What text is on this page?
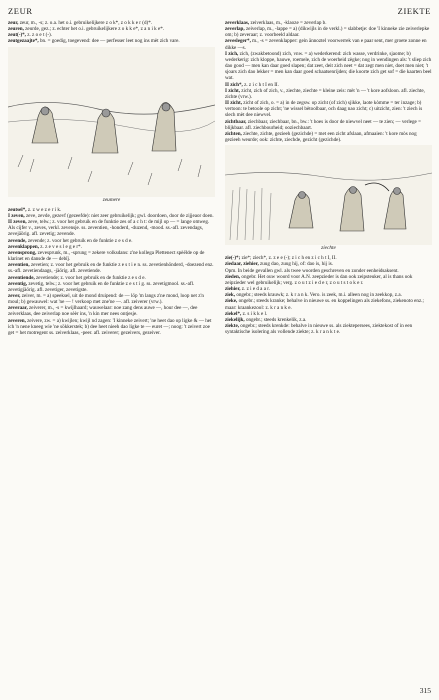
ZEUR	ZIEKTE

zeur, zeur, m., -s; z. o.a. het o.i. gebruikelijkere z o k*, z o k k e r (d)*.

zeuren, zeurde, gez.; z. echter het o.i. gebruikelijkere z o k k e*, z a n i k e*.

zeut(-)*, z. z o e t (-).

zeutgezaajte*, bn. = goedig, toegevend: dee — perfesser leet nog ins mèt zich vare.

zeumere

zeutsel*, z. z w e z e r i k.

I zeven, zeve, zevde, gezevf (gezeefde): niet zeer gebruikelijk; gwl. doordoen, door de zijjeaor doen.

II zeven, zeve, telw.; z. voor het gebruik en de funktie zes of a c h t: de mijl op — = lange omweg. Als cijfer v., zeves, verkl. zevensje. ss. zeventien, -honderd, -duzend, -mood. ss.-afl. zevendags, zevejäörig. afl. zevetig; zevende.

zevende, zevende; z. voor het gebruik en de funktie z e s d e.

zevenklappen, z. z e v e s l e g e r*.

zevensprong, zevesprunk, m., -sprung = zekere volksdans: z'ne kollega Plettenect spèëlde op de klarinet en dansde de — debîj.

zeventien, zevetien; z. voor het gebruik en de funktie z e s t i e n. ss. zevetienhönderd, -doezend enz. ss.-afl. zevetiendaags, -jäörig. afl. zevetiende.

zeventiende, zevetiende; z. voor het gebruik en de funktie z e s d e.

zeventig, zevetig, telw.; z. voor het gebruik en de funktie z e s t i g. ss. zevetigmool. ss.-afl. zevetigjäörig. afl. zevetiger, zevetigste.

zever, zeiver, m. = a) speeksel, uit de mond druipend: de — löp 'm langs z'ne mond, loop net z'n moul; b) gewauwel: wat 'ne — ! verkoop met zne'ne —. afl. zeiverer (vrw.).

zeveraar, zeiverer, m., -s = kwijlhaard; wauwelaar: noe zang dens auwe —, hour dee —, dee zeiverklaas, dee zeiverlap noe sèèr ins, 'n kin mer nees ontjesje.

zeveren, zeivere, zw. = a) kwijlen; kwijl nd zagen: 'I kinneke zeivert; 'ne heet dao op ligke & — het ich 'n nene kneeg wie 'ne sökkerstek; b) dee heet nieeh dao ligke te — euret —; noog: 't zeivert zoe get = het motregent ss. zeiverklaas, -peer. afl. zeiverer; gezeivers, gezeiver.

zeverklaas, zeiverklaas, m., -klaoze = zeverlap b.

zeverlap, zeiverlap, m., -lappe = a) (dikwijls in de verkl.) = slabbetje: doe 'I kinneke zie zeiverlepke om; b) zeveraar; z. voorbeeld aldaar.

zevesleger*, m., -s = zevenklapper: gein ännoztel voorwerrek van e paar sent, mer groete zonne en dikke —s.

I zich, zich, (zwakbetoond) zich, vnw. = a) wederkerend: zich wasse, verdrinke, sjaome; b) wederkerig: zich kloppe, hauwe, roemele, zich de woerheid zègke; nog in wendingen als: 't sliep zich dao good — men kan daar goed slapen; dat zeet, deit zich neet = dat zegt men niet, doet men niet; 't sjoars zich dao lekker = men kan daar goed schaatsenrijden; die koorte zich get sof = die kaarten beel wat.

II zich*, z. z i c h t I en II.

I zicht, zicht, zich of zich, v., ziechte, ziechte = kleine zeis: mèt 'n — 't kore aofsloon. afl. ziechte, zichte (vrw.).

II zicht, zicht of zich, o. = a) in de zegsw. op zicht (of zich) sjikke, laote kòmme = ter inzage; b) vertoon: te betoole op zicht; 'ne wissel bètoolbaar, och daag nao zicht; c) uitzicht, zien: 't ziech is slech mèt dee niewvel.

zichtbaar, ziechbaar, ziechbaar, bn., bw.: 't hoes is door de niewvel neet — te zien; — verlege = blijkbaar. afl. ziechbourheid; ooziechbaart.

zichten, ziechte, zichte, gezieeh (gezichde) = met een zicht afslaan, afmaaien: 't kore mòs nog gezieeh weurde; ook: zichte, ziechde, gezicht (gezichde).

ziechte

zie(-)*; zie*; ziech*, z. z e e (-); z i c h en z i c h t I, II.

ziedaar, ziehier, zuug dao, zuug hij, of: dao is, hij is.

Opm. In beide gevallen gwl. als twee woorden geschreven en zonder eenheidsaksent.

zieden, ongebr. Het ouw woord voor A.N. zeepzieder is dan ook zeipsteuker, al is thans ook zeipzieder wel gebruikelijk; verg. z o u t z i e d e r, z o u t s t o k e r.

ziehier, z. z i e d a a r.

ziek, ongebr.; steeds krauwk; z. k r a n k. Vero. is zeek, m.i. alleen nog in zeekkop, z.a.

zieke, ongebr.; steeds kranke; behalve in nieuwe ss. en koppelingen als ziekefons, ziekenoto enz.; maar: kraankezool: z. k r a n k e.

ziekel*, z. s i k k e l.

ziekelijk, ongebr.; steeds krenkelik, z.a.

ziekte, ongebr.; steeds krenkde: behalve in nieuwe ss. als ziektepersees, ziektekost of in een syntaktische isolering als vollende ziekte; z. k r a n k t e.

315
